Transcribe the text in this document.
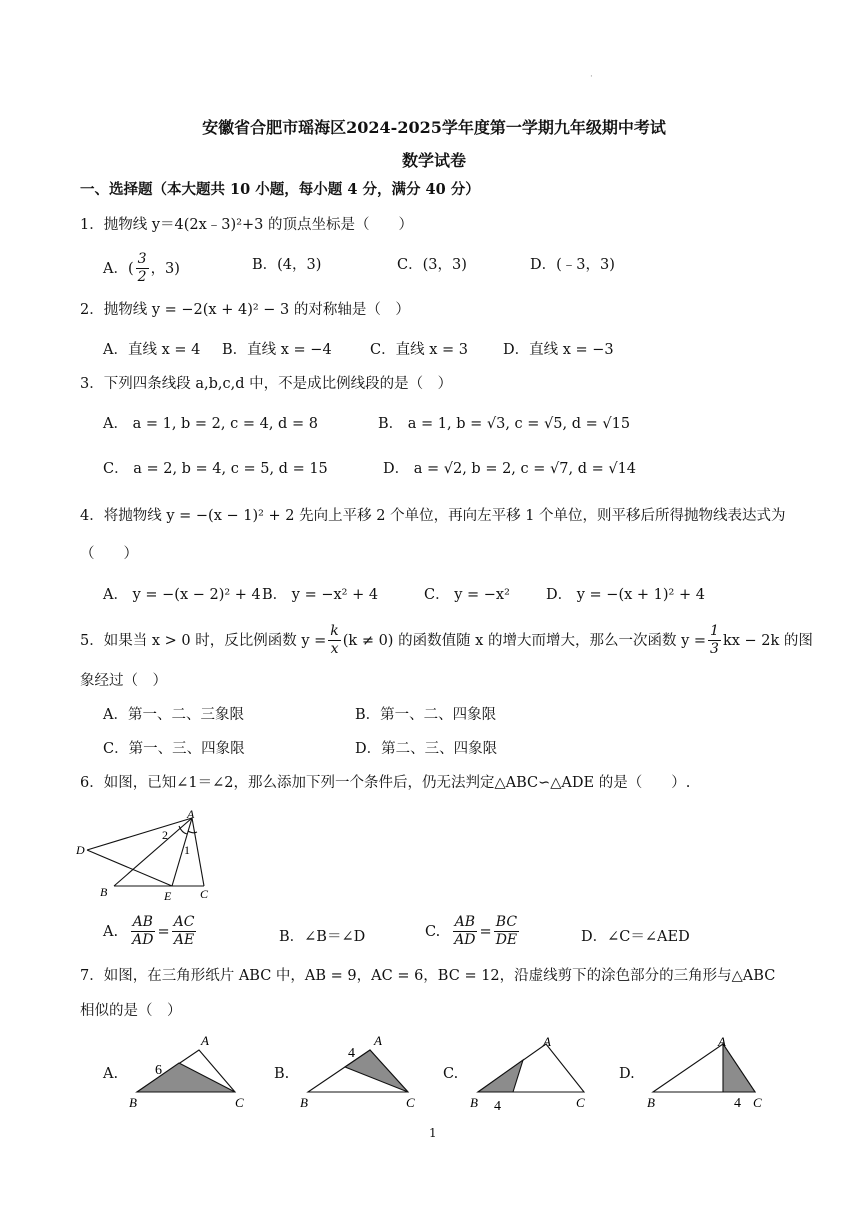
·
安徽省合肥市瑶海区2024-2025学年度第一学期九年级期中考试
数学试卷
一、选择题（本大题共 10 小题，每小题 4 分，满分 40 分）
1．抛物线 y＝4(2x﹣3)²+3 的顶点坐标是（　　）
A．( $\frac{3}{2}$ ，3)	B．(4，3)	C．(3，3)	D．(﹣3，3)
2．抛物线 y = −2(x + 4)² − 3 的对称轴是（　）
A．直线 x = 4 B．直线 x = −4	C．直线 x = 3 D．直线 x = −3
3．下列四条线段 a,b,c,d 中，不是成比例线段的是（　）
A． a = 1, b = 2, c = 4, d = 8	B． a = 1, b = √3, c = √5, d = √15
C． a = 2, b = 4, c = 5, d = 15	D． a = √2, b = 2, c = √7, d = √14
4．将抛物线 y = −(x − 1)² + 2 先向上平移 2 个单位，再向左平移 1 个单位，则平移后所得抛物线表达式为
（　　）
A． y = −(x − 2)² + 4 B． y = −x² + 4	C． y = −x² D． y = −(x + 1)² + 4
5．如果当 x > 0 时，反比例函数 $y = \frac{k}{x} (k \ne 0)$ 的函数值随 x 的增大而增大，那么一次函数 $y = \frac{1}{3}$ kx − 2k 的图
象经过（　）
A．第一、二、三象限	B．第一、二、四象限
C．第一、三、四象限	D．第二、三、四象限
6．如图，已知∠1＝∠2，那么添加下列一个条件后，仍无法判定△ABC∽△ADE 的是（　　）.
A
D
B	E C
1
2
A. $\frac{AB}{AD} = \frac{AC}{AE}$	B．∠B＝∠D	C. $\frac{AB}{AD} = \frac{BC}{DE}$	D．∠C＝∠AED
7．如图，在三角形纸片 ABC 中，AB = 9，AC = 6，BC = 12，沿虚线剪下的涂色部分的三角形与△ABC
相似的是（　）
A.
A
B	C
6	B.
A
B	C
4
C.
A
B	C
4
D.
A
B	C
4
1
